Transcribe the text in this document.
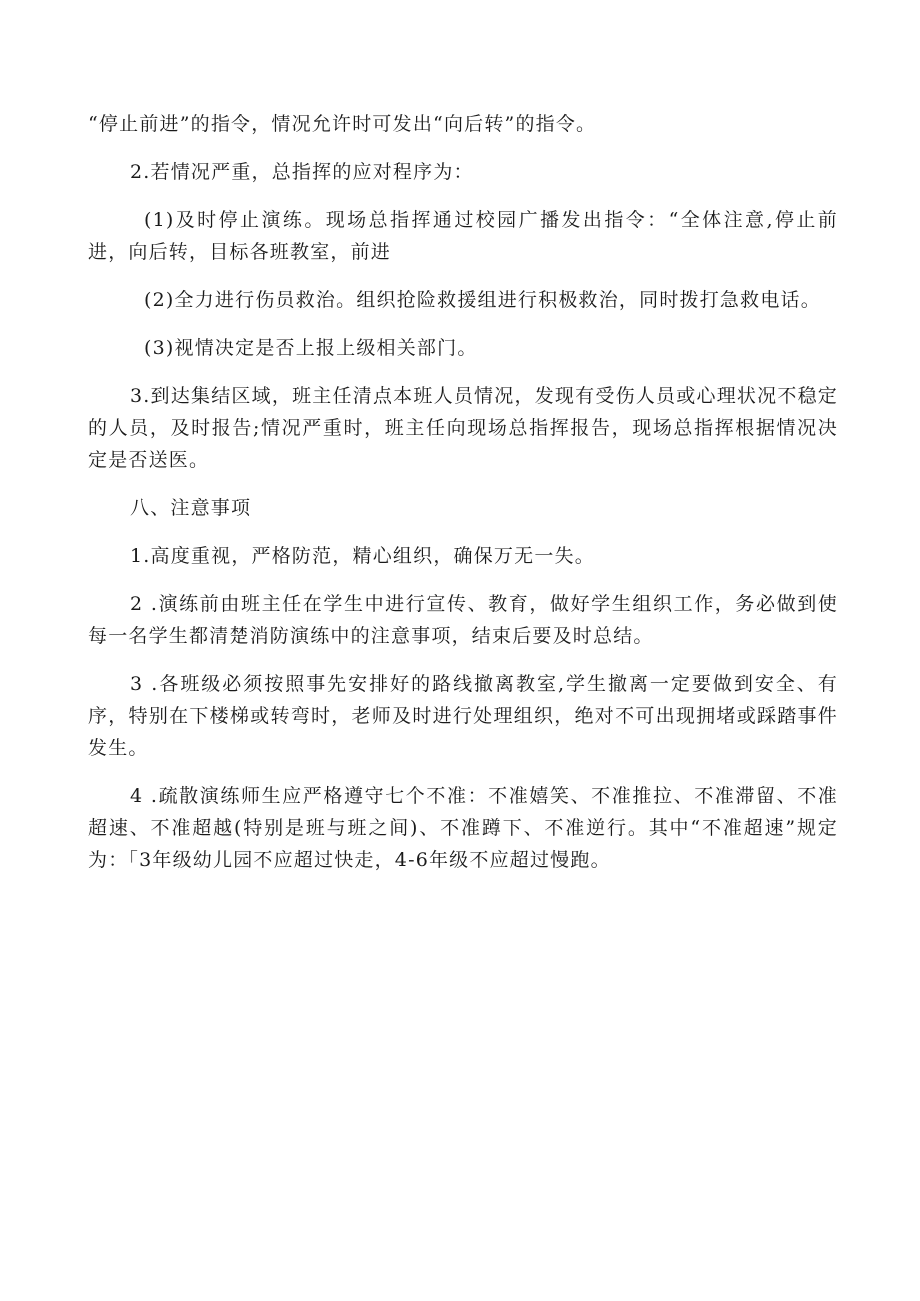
“停止前进”的指令，情况允许时可发出“向后转”的指令。

2.若情况严重，总指挥的应对程序为：

(1)及时停止演练。现场总指挥通过校园广播发出指令：“全体注意,停止前进，向后转，目标各班教室，前进

(2)全力进行伤员救治。组织抢险救援组进行积极救治，同时拨打急救电话。

(3)视情决定是否上报上级相关部门。

3.到达集结区域，班主任清点本班人员情况，发现有受伤人员或心理状况不稳定的人员，及时报告;情况严重时，班主任向现场总指挥报告，现场总指挥根据情况决定是否送医。

八、注意事项

1.高度重视，严格防范，精心组织，确保万无一失。

2 .演练前由班主任在学生中进行宣传、教育，做好学生组织工作，务必做到使每一名学生都清楚消防演练中的注意事项，结束后要及时总结。

3 .各班级必须按照事先安排好的路线撤离教室,学生撤离一定要做到安全、有序，特别在下楼梯或转弯时，老师及时进行处理组织，绝对不可出现拥堵或踩踏事件发生。

4 .疏散演练师生应严格遵守七个不准：不准嬉笑、不准推拉、不准滞留、不准超速、不准超越(特别是班与班之间)、不准蹲下、不准逆行。其中“不准超速”规定为：「3年级幼儿园不应超过快走，4-6年级不应超过慢跑。
